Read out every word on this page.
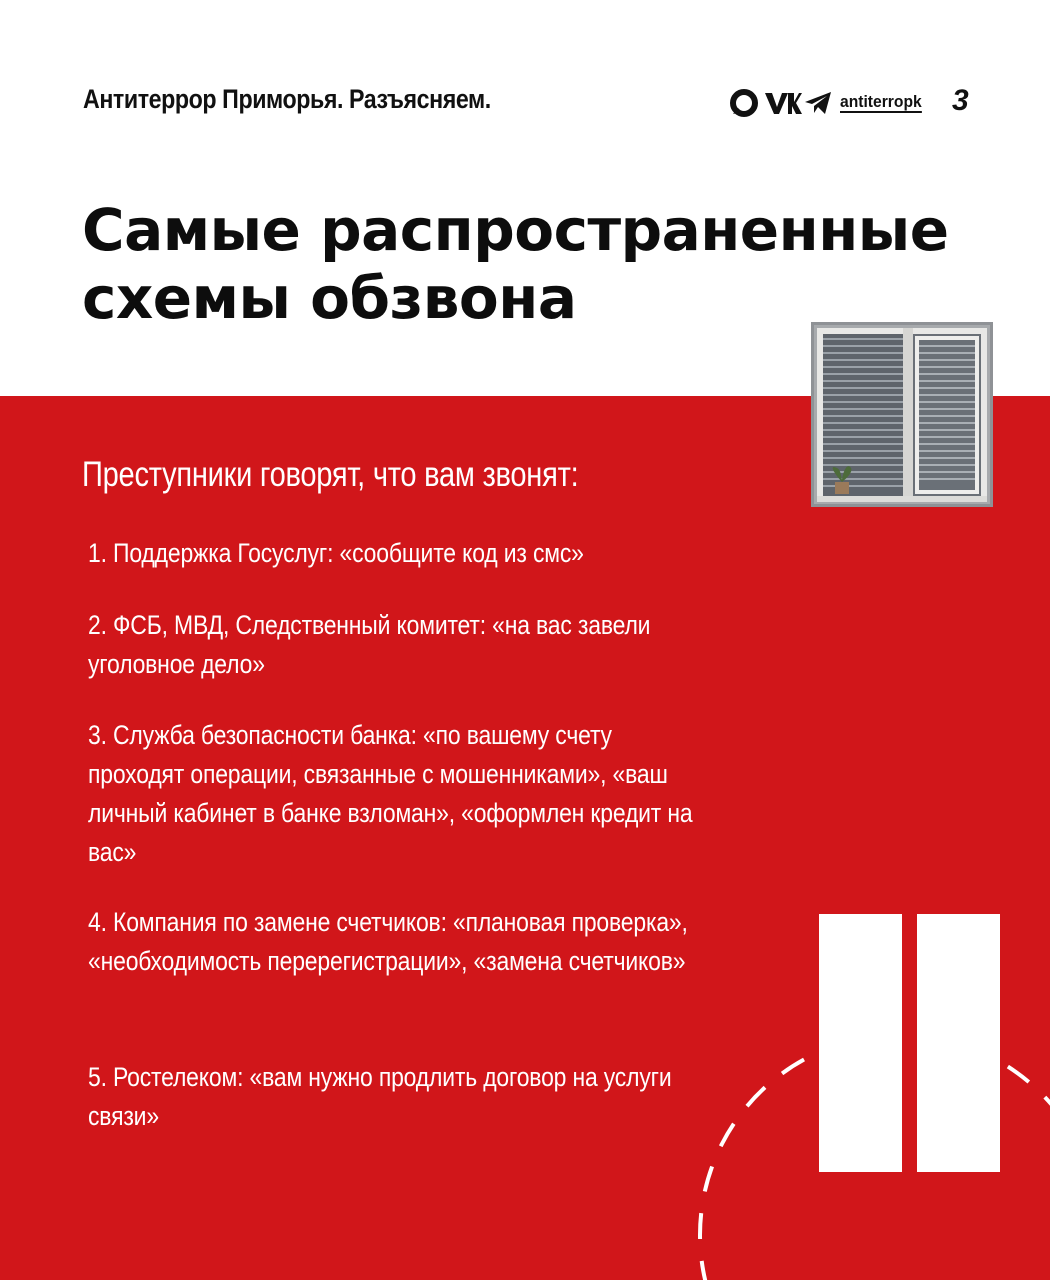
Антитеррор Приморья. Разъясняем.	antiterropk 3
Самые распространенные
схемы обзвона
Преступники говорят, что вам звонят:
1. Поддержка Госуслуг: «сообщите код из смс»
2. ФСБ, МВД, Следственный комитет: «на вас завели уголовное дело»
3. Служба безопасности банка: «по вашему счету проходят операции, связанные с мошенниками», «ваш личный кабинет в банке взломан», «оформлен кредит на вас»
4. Компания по замене счетчиков: «плановая проверка», «необходимость перерегистрации», «замена счетчиков»
5. Ростелеком: «вам нужно продлить договор на услуги связи»
